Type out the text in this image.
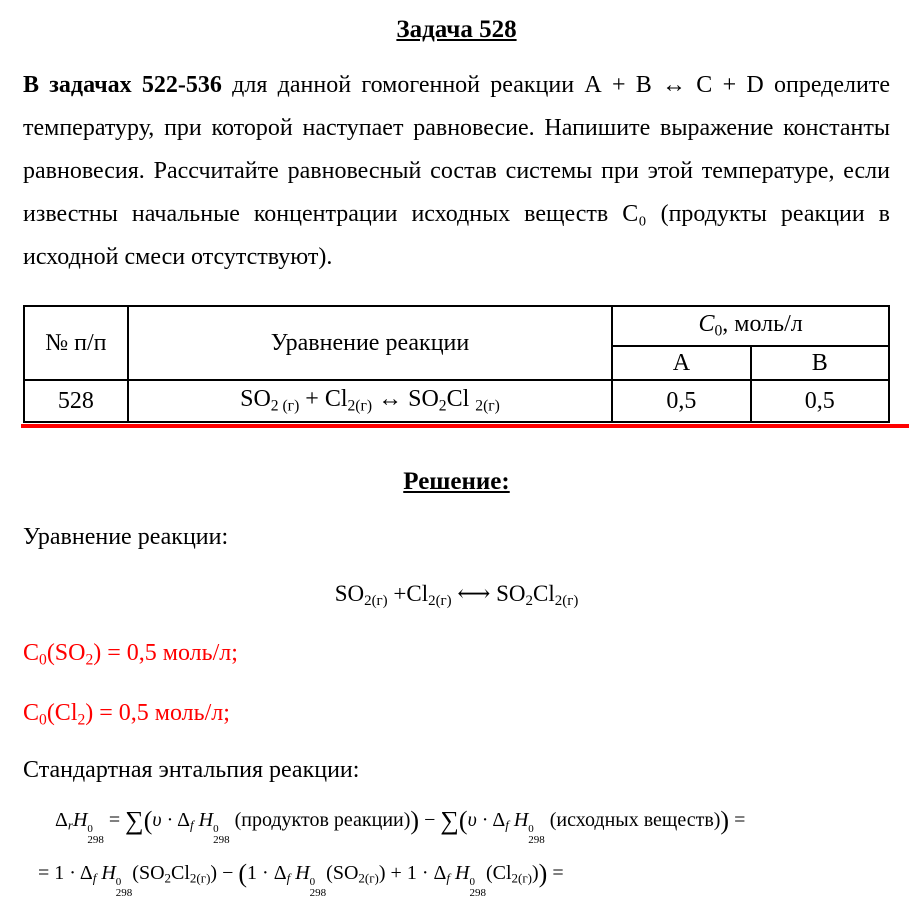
Задача 528

В задачах 522-536 для данной гомогенной реакции А + В ↔ С + D определите температуру, при которой наступает равновесие. Напишите выражение константы равновесия. Рассчитайте равновесный состав системы при этой температуре, если известны начальные концентрации исходных веществ С₀ (продукты реакции в исходной смеси отсутствуют).

№ п/п	Уравнение реакции	C0, моль/л	
		А	В
528	SO2 (г) + Cl2(г) ↔ SO2Cl 2(г)	0,5	0,5
Решение:

Уравнение реакции:

SO2(г) +Cl2(г) ⟷ SO2Cl2(г)

C0(SO2) = 0,5 моль/л;

C0(Cl2) = 0,5 моль/л;

Стандартная энтальпия реакции:

ΔrH 0
298
= ∑(υ · Δf H 0
298
(продуктов реакции)) − ∑(υ · Δf H 0
298
(исходных веществ)) =
= 1 · Δf H 0
298
(SO2Cl2(г)) − (1 · Δf H 0
298
(SO2(г)) + 1 · Δf H 0
298
(Cl2(г))) =
